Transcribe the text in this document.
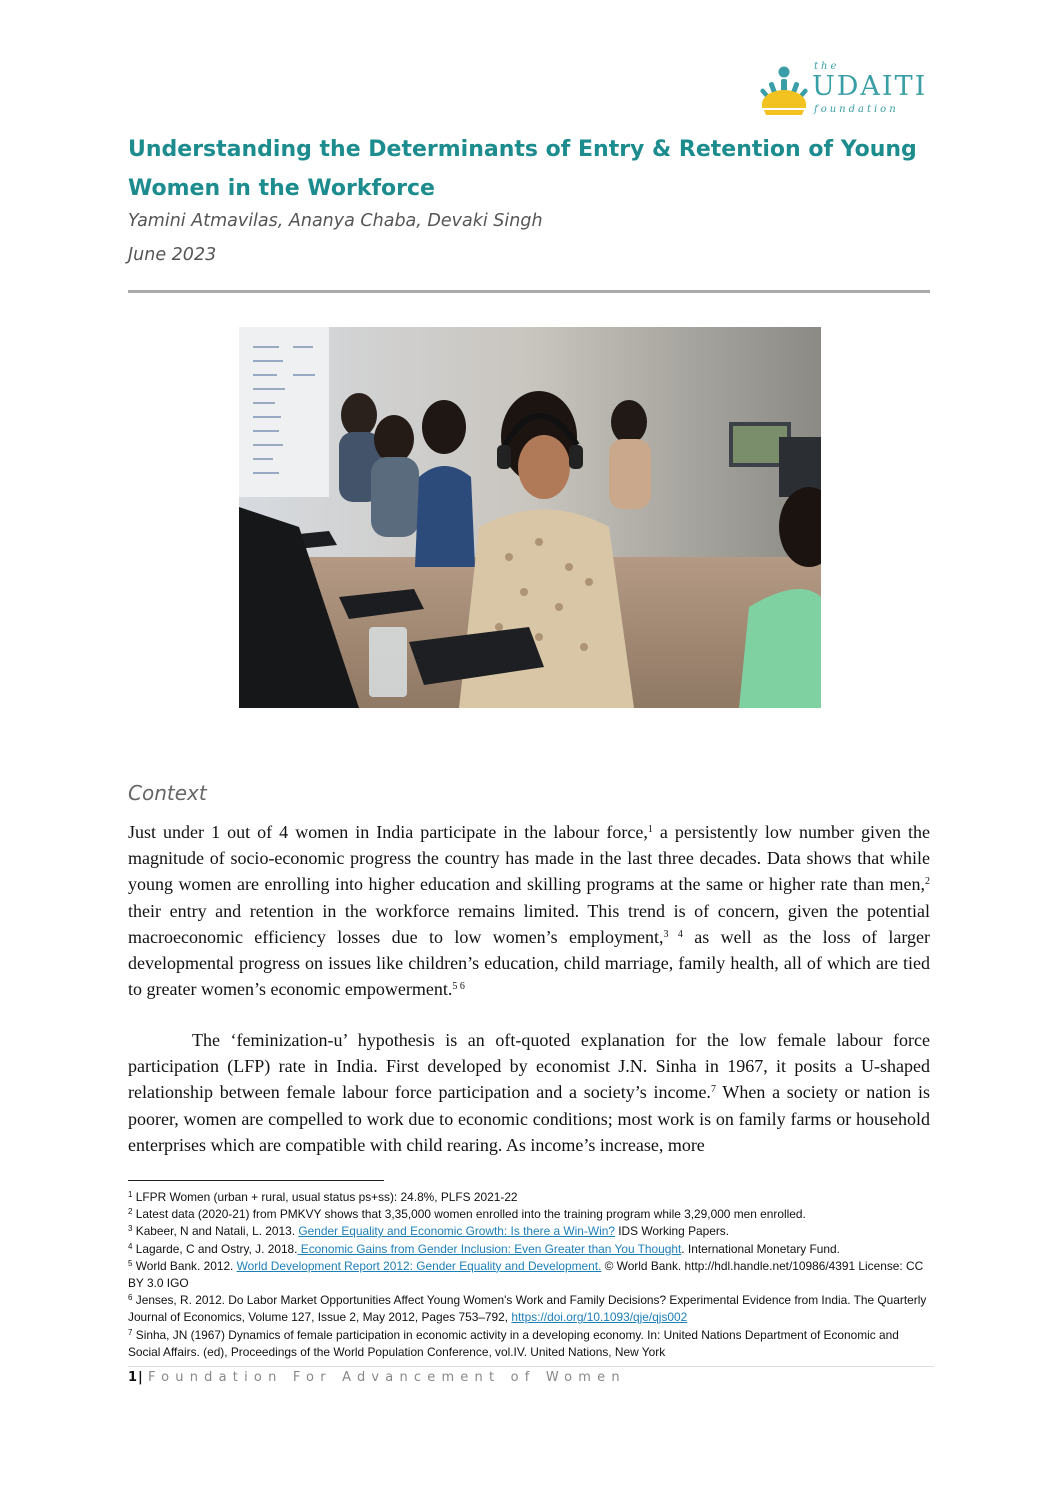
the
UDAITI
foundation
Understanding the Determinants of Entry & Retention of Young Women in the Workforce
Yamini Atmavilas, Ananya Chaba, Devaki Singh
June 2023
Context

Just under 1 out of 4 women in India participate in the labour force,$^1$ a persistently low number given the magnitude of socio-economic progress the country has made in the last three decades. Data shows that while young women are enrolling into higher education and skilling programs at the same or higher rate than men,$^2$ their entry and retention in the workforce remains limited. This trend is of concern, given the potential macroeconomic efficiency losses due to low women’s employment,$^{3 4}$ as well as the loss of larger developmental progress on issues like children’s education, child marriage, family health, all of which are tied to greater women’s economic empowerment.$^{5 6}$

The ‘feminization-u’ hypothesis is an oft-quoted explanation for the low female labour force participation (LFP) rate in India. First developed by economist J.N. Sinha in 1967, it posits a U-shaped relationship between female labour force participation and a society’s income.$^7$ When a society or nation is poorer, women are compelled to work due to economic conditions; most work is on family farms or household enterprises which are compatible with child rearing. As income’s increase, more

$^1$ LFPR Women (urban + rural, usual status ps+ss): 24.8%, PLFS 2021-22
$^2$ Latest data (2020-21) from PMKVY shows that 3,35,000 women enrolled into the training program while 3,29,000 men enrolled.
$^3$ Kabeer, N and Natali, L. 2013. Gender Equality and Economic Growth: Is there a Win-Win? IDS Working Papers.
$^4$ Lagarde, C and Ostry, J. 2018. Economic Gains from Gender Inclusion: Even Greater than You Thought. International Monetary Fund.
$^5$ World Bank. 2012. World Development Report 2012: Gender Equality and Development. © World Bank. http://hdl.handle.net/10986/4391 License: CC BY 3.0 IGO
$^6$ Jenses, R. 2012. Do Labor Market Opportunities Affect Young Women's Work and Family Decisions? Experimental Evidence from India. The Quarterly Journal of Economics, Volume 127, Issue 2, May 2012, Pages 753–792, https://doi.org/10.1093/qje/qjs002
$^7$ Sinha, JN (1967) Dynamics of female participation in economic activity in a developing economy. In: United Nations Department of Economic and Social Affairs. (ed), Proceedings of the World Population Conference, vol.IV. United Nations, New York
1| Foundation For Advancement of Women
